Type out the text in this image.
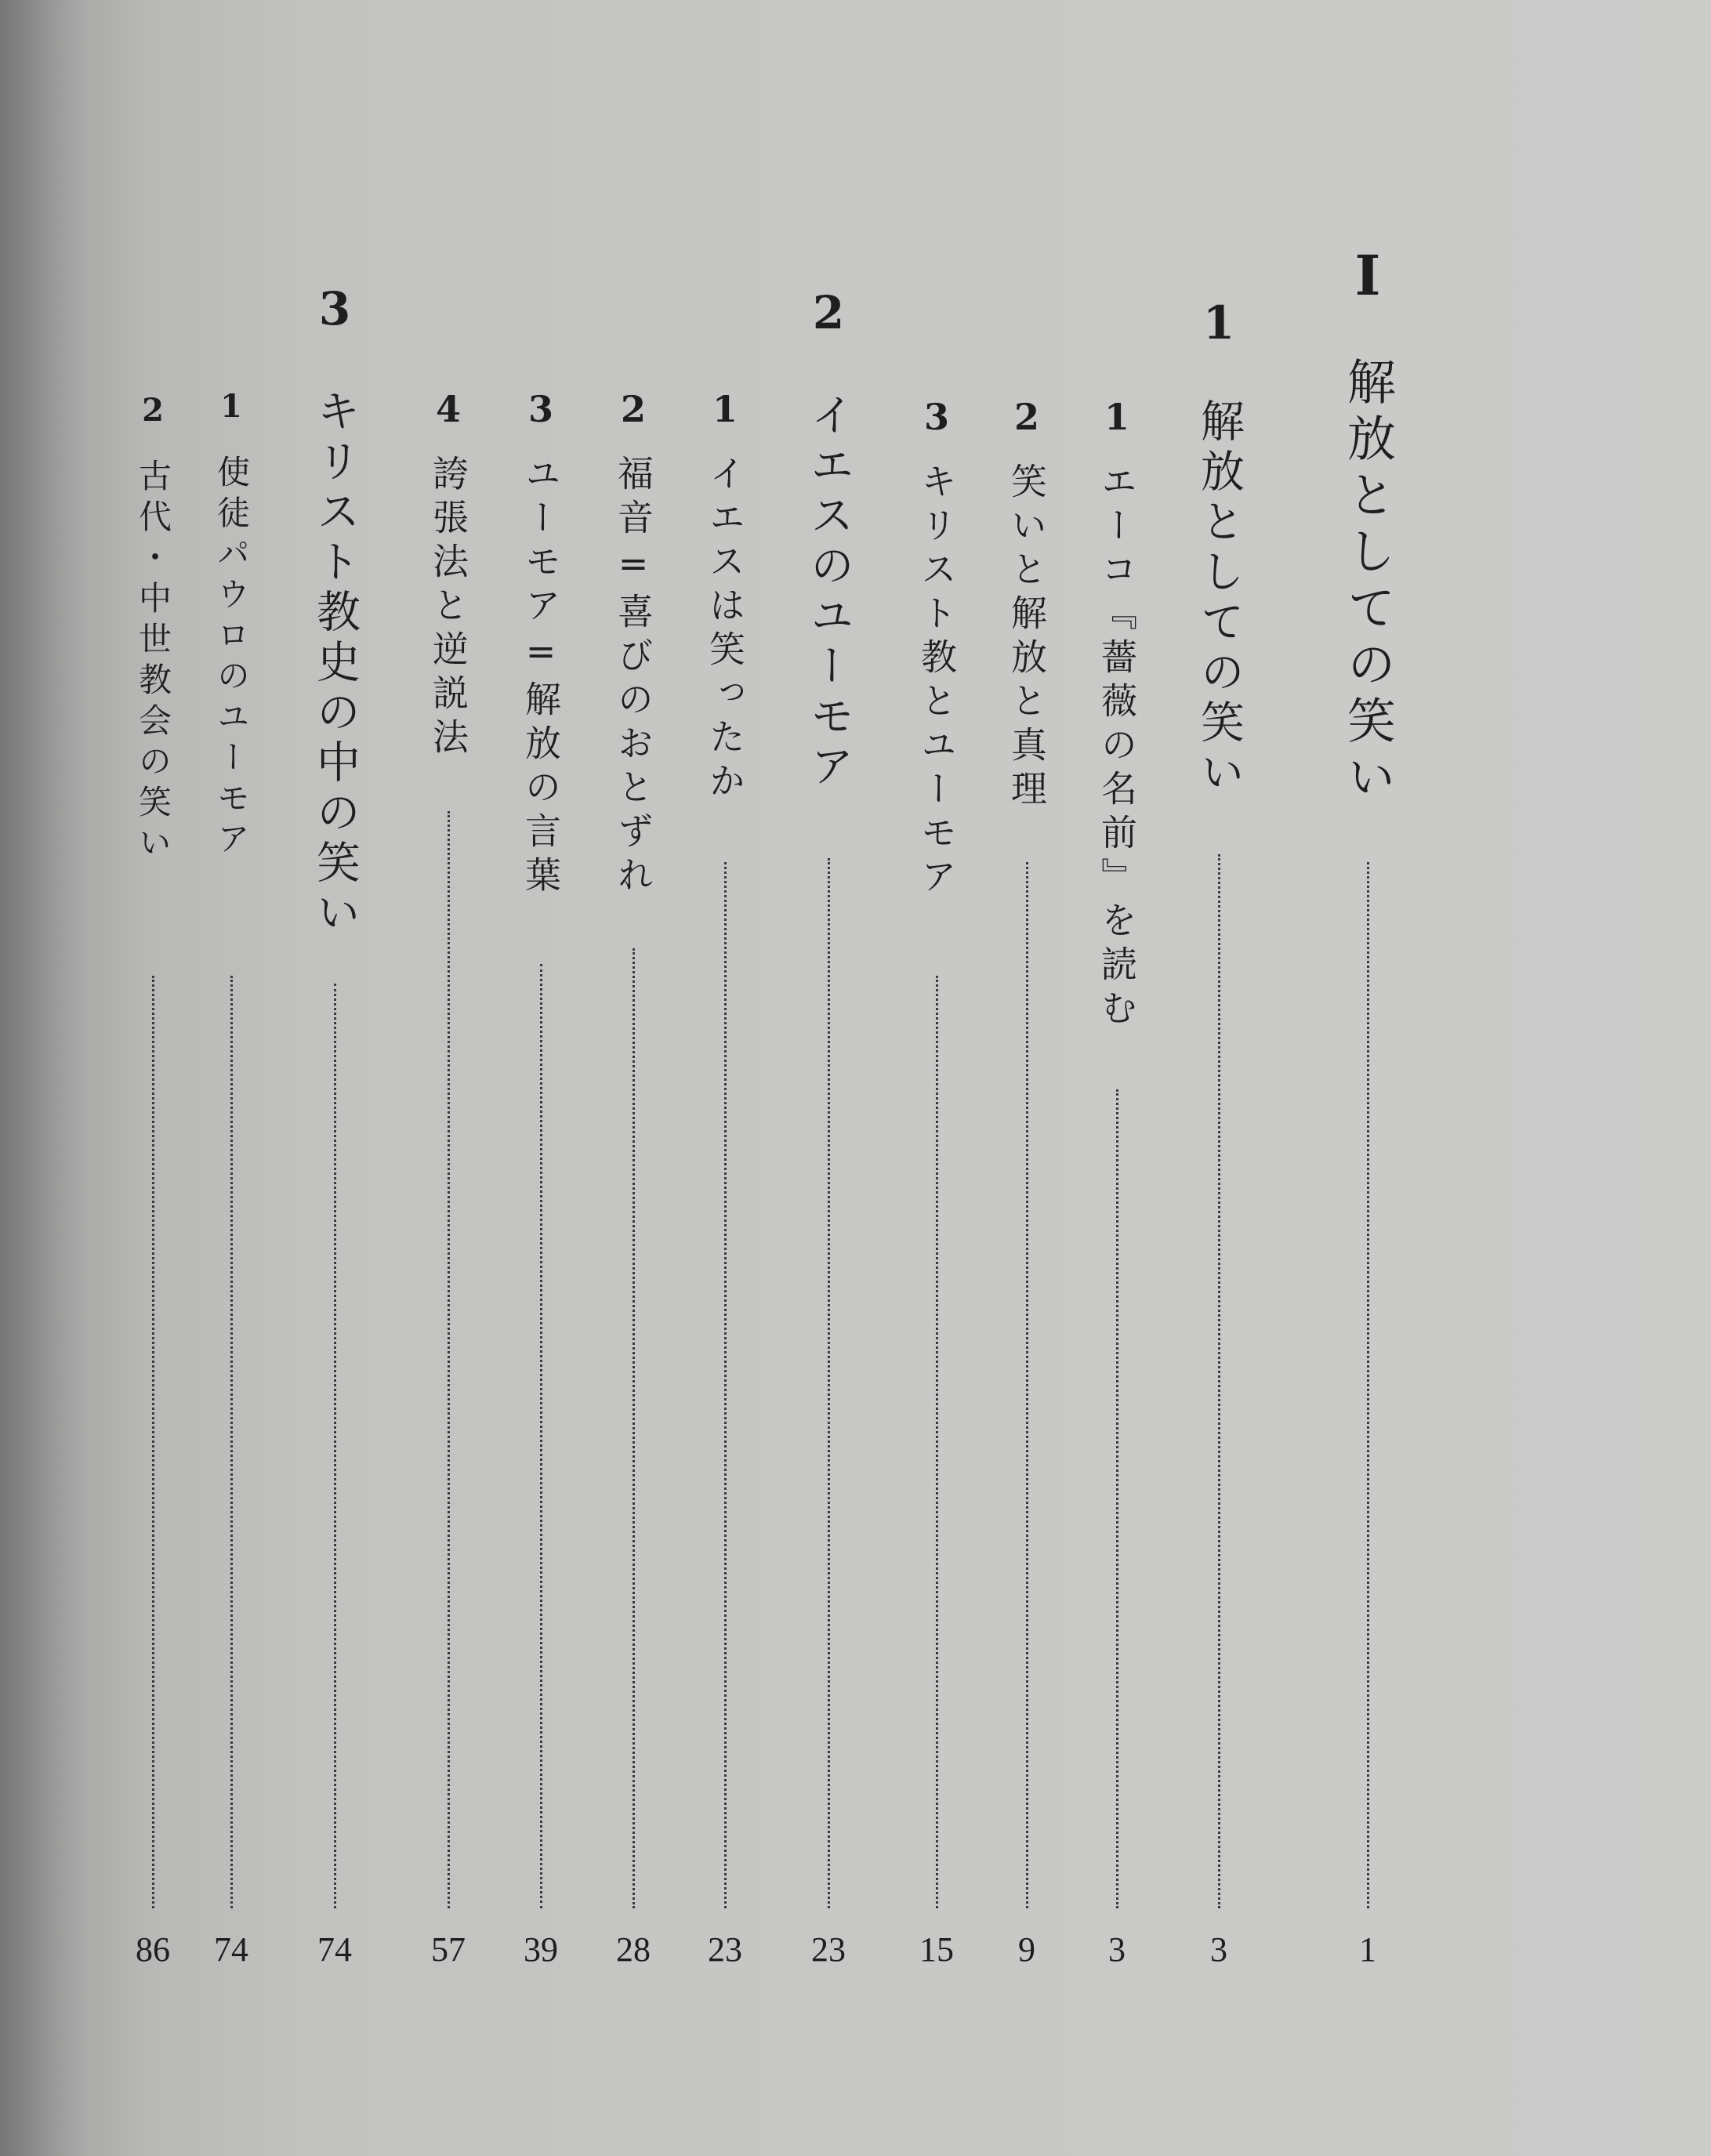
I
解放としての笑い
1
1
解放としての笑い
3
1
エーコ『薔薇の名前』を読む
3
2
笑いと解放と真理
9
3
キリスト教とユーモア
15
2
イエスのユーモア
23
1
イエスは笑ったか
23
2
福音=喜びのおとずれ
28
3
ユーモア=解放の言葉
39
4
誇張法と逆説法
57
3
キリスト教史の中の笑い
74
1
使徒パウロのユーモア
74
2
古代・中世教会の笑い
86
